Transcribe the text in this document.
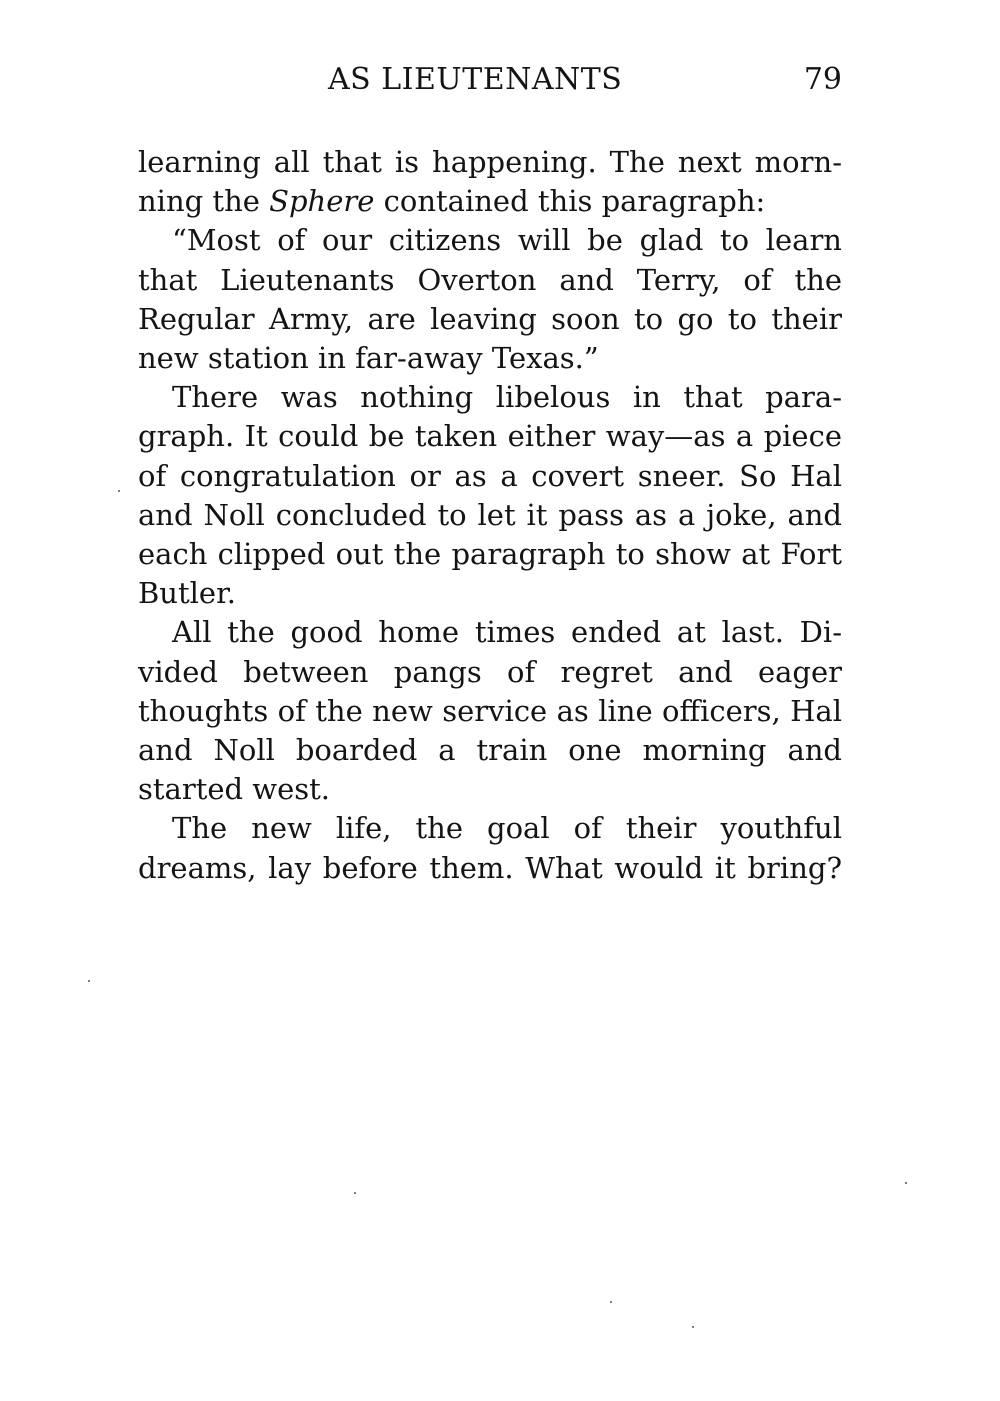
AS LIEUTENANTS	79

learning all that is happening. The next mornning the Sphere contained this paragraph:

“Most of our citizens will be glad to learn that Lieutenants Overton and Terry, of the Regular Army, are leaving soon to go to their new station in far-away Texas.”

There was nothing libelous in that paragraph. It could be taken either way—as a piece of congratulation or as a covert sneer. So Hal and Noll concluded to let it pass as a joke, and each clipped out the paragraph to show at Fort Butler.

All the good home times ended at last. Divided between pangs of regret and eager thoughts of the new service as line officers, Hal and Noll boarded a train one morning and started west.

The new life, the goal of their youthful dreams, lay before them. What would it bring?
